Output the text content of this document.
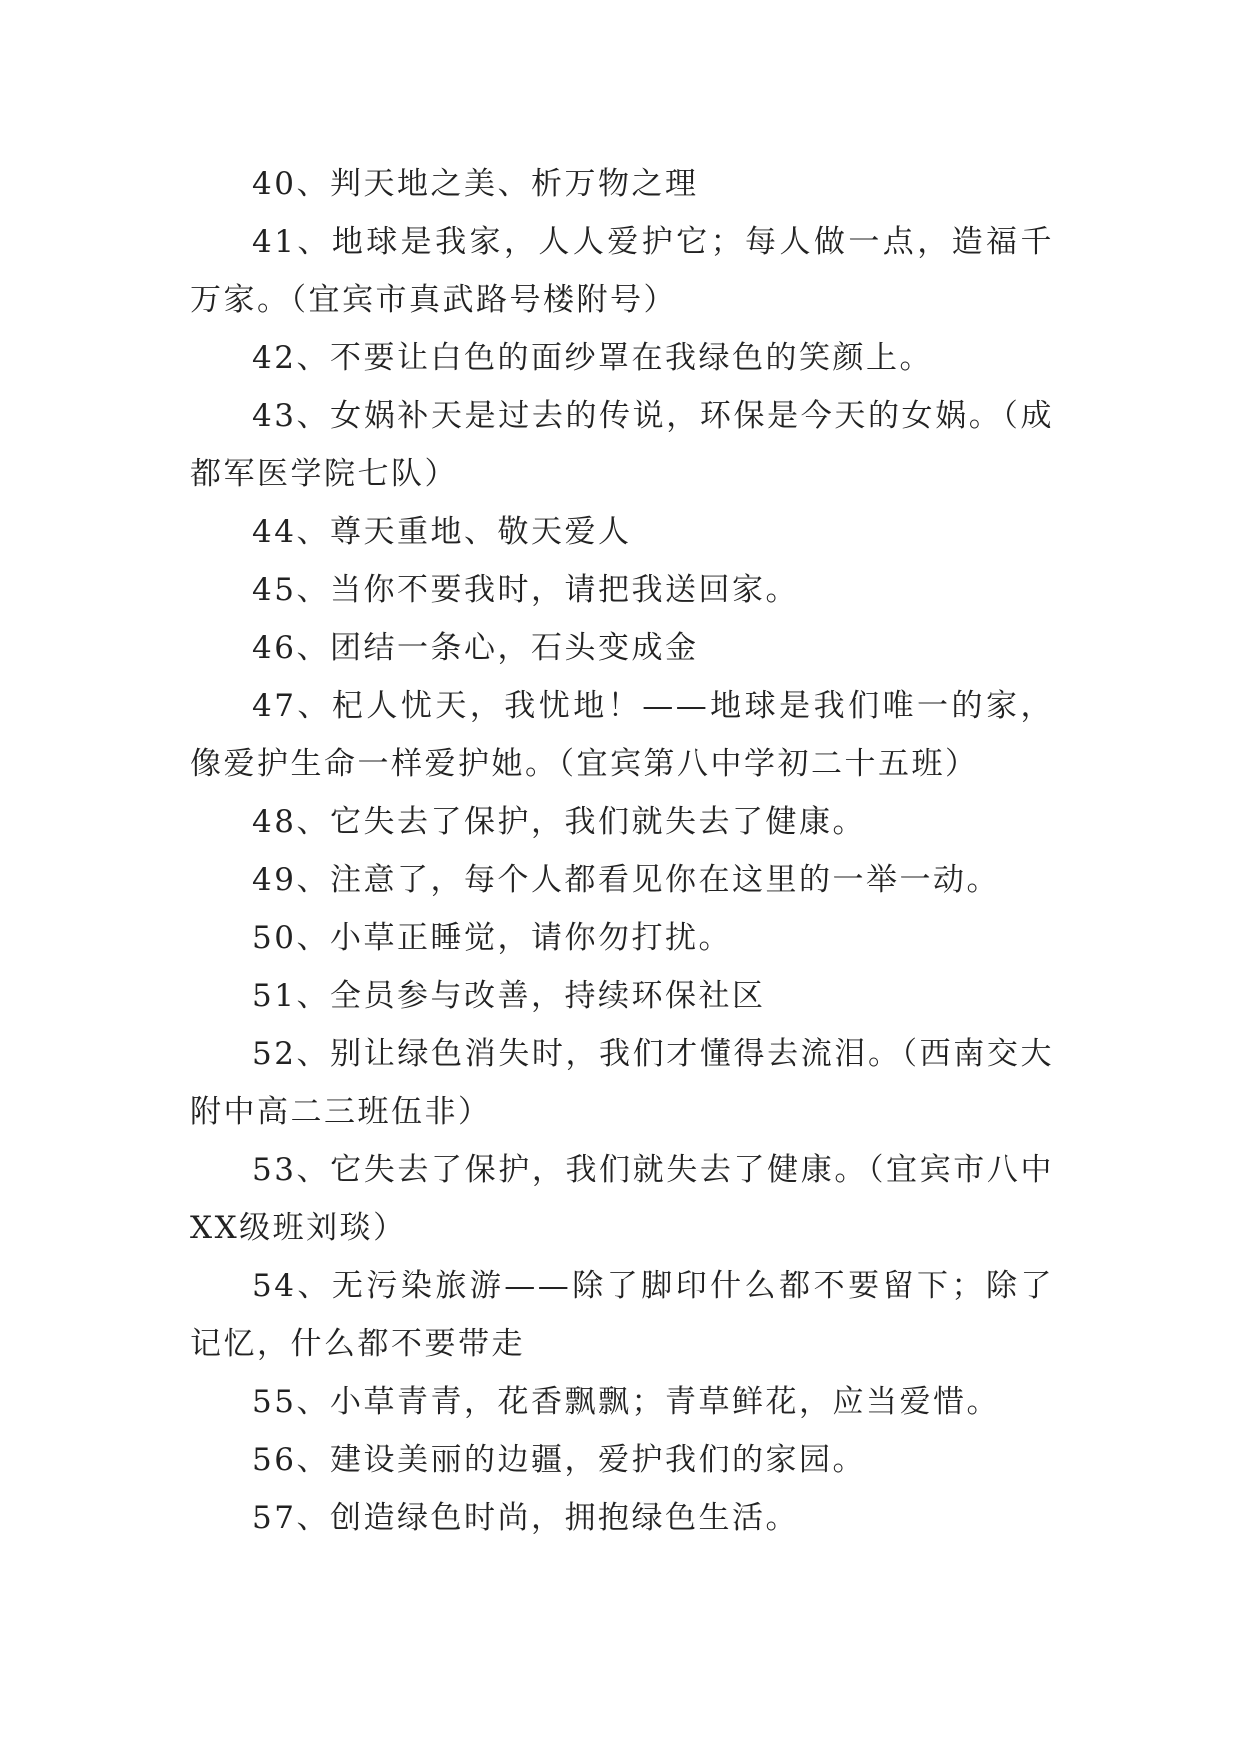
40、判天地之美、析万物之理

41、地球是我家，人人爱护它；每人做一点，造福千万家。（宜宾市真武路号楼附号）

42、不要让白色的面纱罩在我绿色的笑颜上。

43、女娲补天是过去的传说，环保是今天的女娲。（成都军医学院七队）

44、尊天重地、敬天爱人

45、当你不要我时，请把我送回家。

46、团结一条心，石头变成金

47、杞人忧天，我忧地！——地球是我们唯一的家，像爱护生命一样爱护她。（宜宾第八中学初二十五班）

48、它失去了保护，我们就失去了健康。

49、注意了，每个人都看见你在这里的一举一动。

50、小草正睡觉，请你勿打扰。

51、全员参与改善，持续环保社区

52、别让绿色消失时，我们才懂得去流泪。（西南交大附中高二三班伍非）

53、它失去了保护，我们就失去了健康。（宜宾市八中XX级班刘琰）

54、无污染旅游——除了脚印什么都不要留下；除了记忆，什么都不要带走

55、小草青青，花香飘飘；青草鲜花，应当爱惜。

56、建设美丽的边疆，爱护我们的家园。

57、创造绿色时尚，拥抱绿色生活。
